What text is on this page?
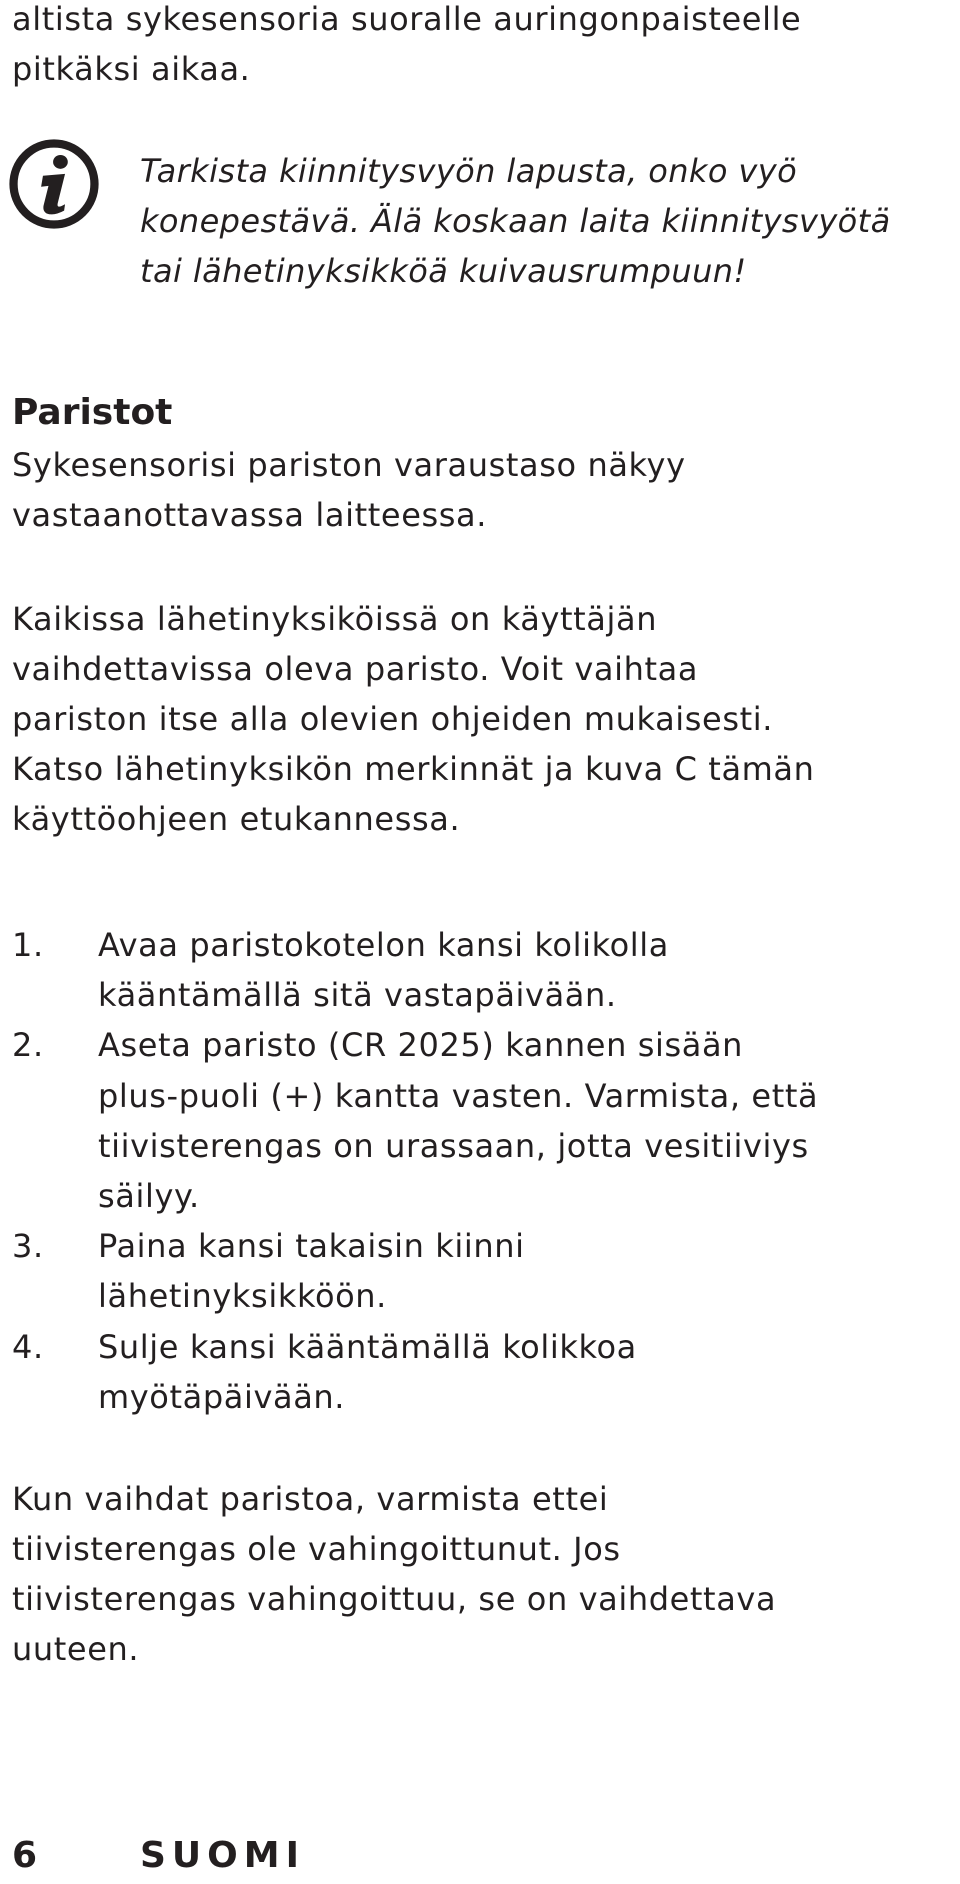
altista sykesensoria suoralle auringonpaisteelle
pitkäksi aikaa.

Tarkista kiinnitysvyön lapusta, onko vyö
konepestävä. Älä koskaan laita kiinnitysvyötä
tai lähetinyksikköä kuivausrumpuun!

Paristot

Sykesensorisi pariston varaustaso näkyy
vastaanottavassa laitteessa.

Kaikissa lähetinyksiköissä on käyttäjän
vaihdettavissa oleva paristo. Voit vaihtaa
pariston itse alla olevien ohjeiden mukaisesti.
Katso lähetinyksikön merkinnät ja kuva C tämän
käyttöohjeen etukannessa.

1. Avaa paristokotelon kansi kolikolla
kääntämällä sitä vastapäivään.
2. Aseta paristo (CR 2025) kannen sisään
plus-puoli (+) kantta vasten. Varmista, että
tiivisterengas on urassaan, jotta vesitiiviys
säilyy.
3. Paina kansi takaisin kiinni
lähetinyksikköön.
4. Sulje kansi kääntämällä kolikkoa
myötäpäivään.

Kun vaihdat paristoa, varmista ettei
tiivisterengas ole vahingoittunut. Jos
tiivisterengas vahingoittuu, se on vaihdettava
uuteen.

6	SUOMI
